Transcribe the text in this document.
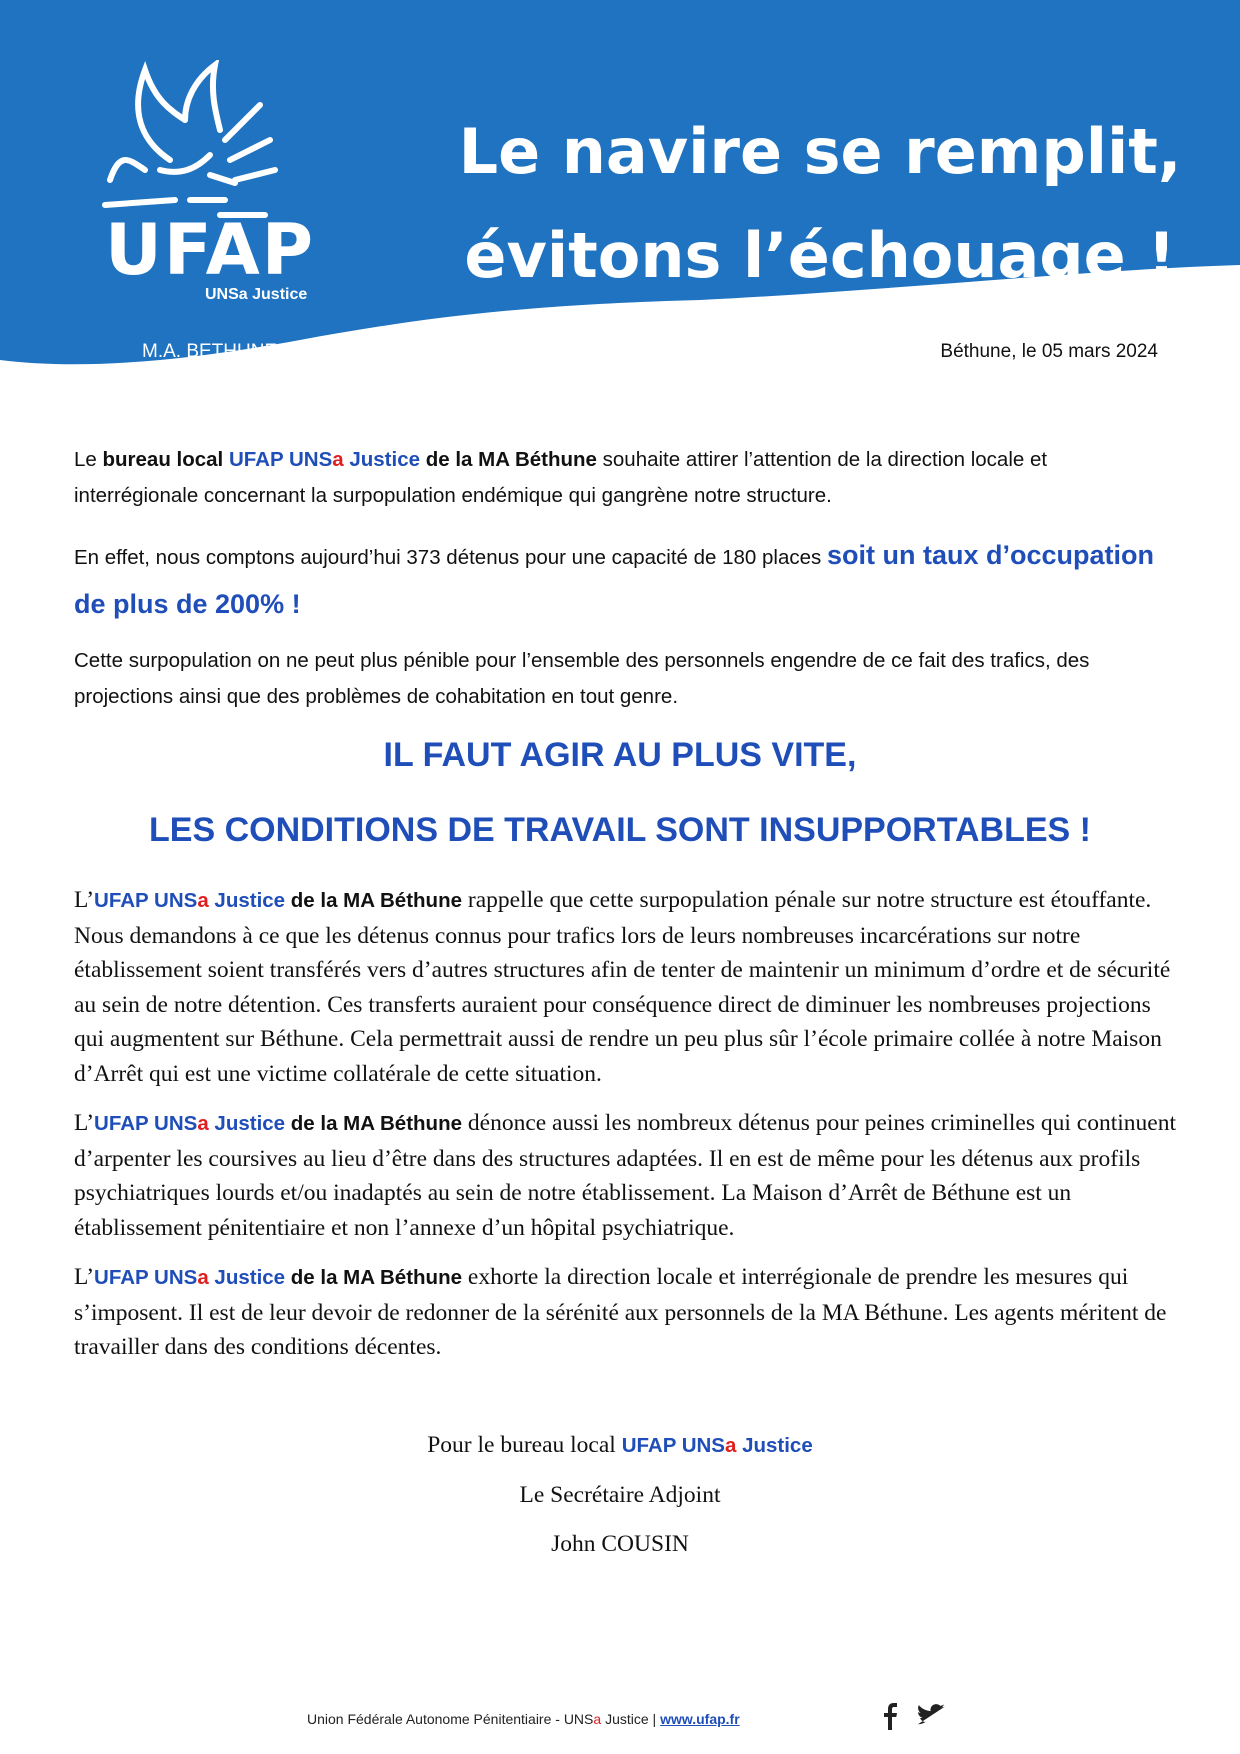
UFAP
UNSa Justice
M.A. BETHUNE
Le navire se remplit,
évitons l’échouage !
Béthune, le 05 mars 2024
Le bureau local UFAP UNSa Justice de la MA Béthune souhaite attirer l’attention de la direction locale et interrégionale concernant la surpopulation endémique qui gangrène notre structure.
En effet, nous comptons aujourd’hui 373 détenus pour une capacité de 180 places soit un taux d’occupation de plus de 200% !
Cette surpopulation on ne peut plus pénible pour l’ensemble des personnels engendre de ce fait des trafics, des projections ainsi que des problèmes de cohabitation en tout genre.
IL FAUT AGIR AU PLUS VITE,
LES CONDITIONS DE TRAVAIL SONT INSUPPORTABLES !
L’UFAP UNSa Justice de la MA Béthune rappelle que cette surpopulation pénale sur notre structure est étouffante. Nous demandons à ce que les détenus connus pour trafics lors de leurs nombreuses incarcérations sur notre établissement soient transférés vers d’autres structures afin de tenter de maintenir un minimum d’ordre et de sécurité au sein de notre détention. Ces transferts auraient pour conséquence direct de diminuer les nombreuses projections qui augmentent sur Béthune. Cela permettrait aussi de rendre un peu plus sûr l’école primaire collée à notre Maison d’Arrêt qui est une victime collatérale de cette situation.
L’UFAP UNSa Justice de la MA Béthune dénonce aussi les nombreux détenus pour peines criminelles qui continuent d’arpenter les coursives au lieu d’être dans des structures adaptées. Il en est de même pour les détenus aux profils psychiatriques lourds et/ou inadaptés au sein de notre établissement. La Maison d’Arrêt de Béthune est un établissement pénitentiaire et non l’annexe d’un hôpital psychiatrique.
L’UFAP UNSa Justice de la MA Béthune exhorte la direction locale et interrégionale de prendre les mesures qui s’imposent. Il est de leur devoir de redonner de la sérénité aux personnels de la MA Béthune. Les agents méritent de travailler dans des conditions décentes.
Pour le bureau local UFAP UNSa Justice
Le Secrétaire Adjoint
John COUSIN
Union Fédérale Autonome Pénitentiaire - UNSa Justice | www.ufap.fr
